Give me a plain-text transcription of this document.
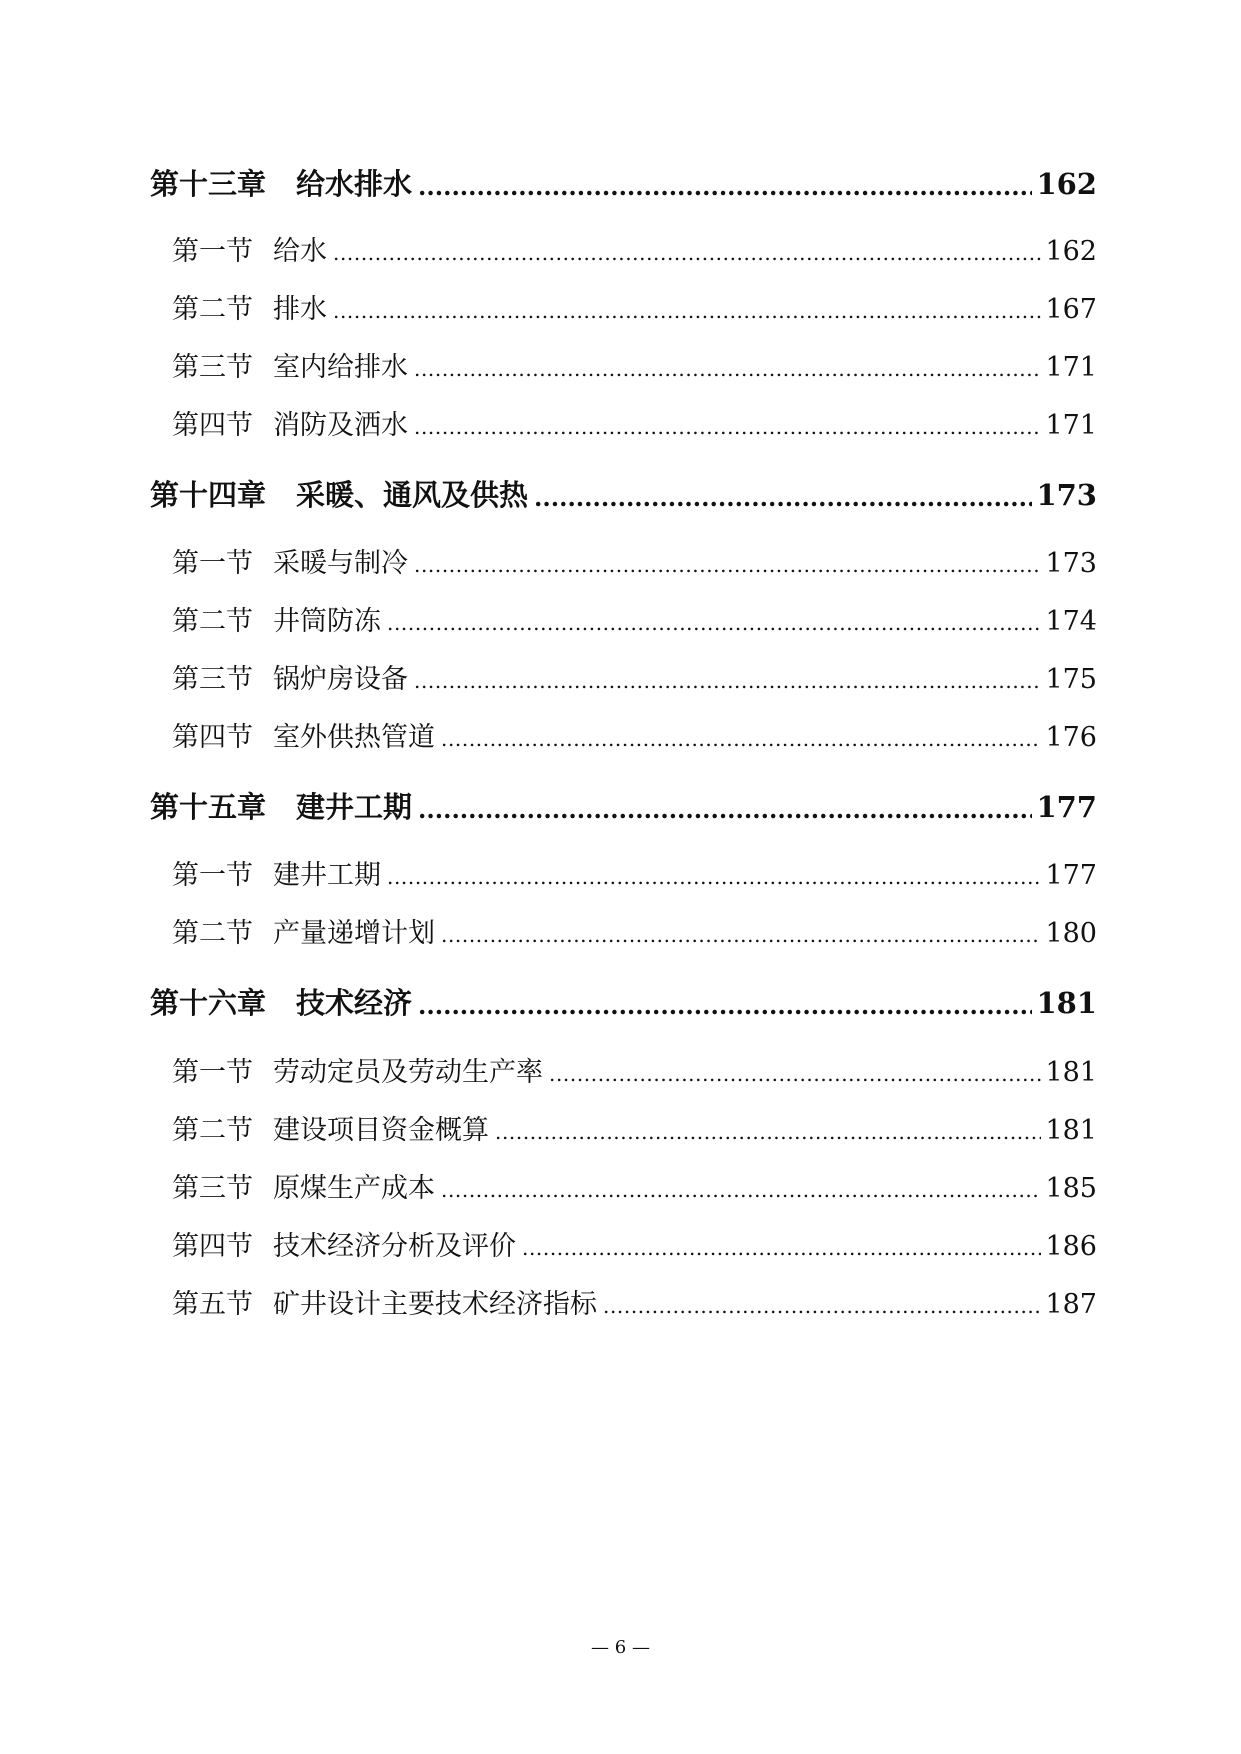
第十三章 给水排水 .....	162
第一节 给水 .....	162
第二节 排水 .....	167
第三节 室内给排水 .....	171
第四节 消防及洒水 .....	171
第十四章 采暖、通风及供热 .....	173
第一节 采暖与制冷 .....	173
第二节 井筒防冻 .....	174
第三节 锅炉房设备 .....	175
第四节 室外供热管道 .....	176
第十五章 建井工期 .....	177
第一节 建井工期 .....	177
第二节 产量递增计划 .....	180
第十六章 技术经济 .....	181
第一节 劳动定员及劳动生产率 .....	181
第二节 建设项目资金概算 .....	181
第三节 原煤生产成本 .....	185
第四节 技术经济分析及评价 .....	186
第五节 矿井设计主要技术经济指标 .....	187
— 6 —
